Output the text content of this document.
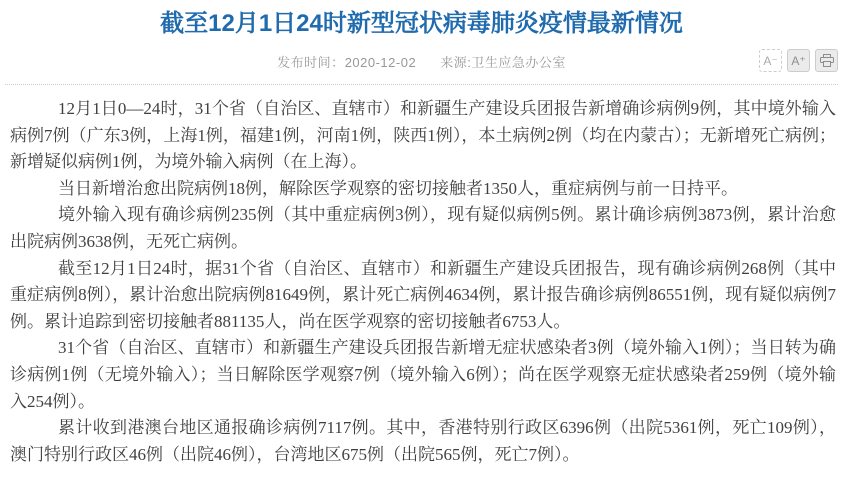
截至12月1日24时新型冠状病毒肺炎疫情最新情况
发布时间：2020-12-02 来源:卫生应急办公室	A⁻	A⁺

12月1日0—24时，31个省（自治区、直辖市）和新疆生产建设兵团报告新增确诊病例9例，其中境外输入病例7例（广东3例，上海1例，福建1例，河南1例，陕西1例），本土病例2例（均在内蒙古）；无新增死亡病例；新增疑似病例1例，为境外输入病例（在上海）。

当日新增治愈出院病例18例，解除医学观察的密切接触者1350人，重症病例与前一日持平。

境外输入现有确诊病例235例（其中重症病例3例），现有疑似病例5例。累计确诊病例3873例，累计治愈出院病例3638例，无死亡病例。

截至12月1日24时，据31个省（自治区、直辖市）和新疆生产建设兵团报告，现有确诊病例268例（其中重症病例8例），累计治愈出院病例81649例，累计死亡病例4634例，累计报告确诊病例86551例，现有疑似病例7例。累计追踪到密切接触者881135人，尚在医学观察的密切接触者6753人。

31个省（自治区、直辖市）和新疆生产建设兵团报告新增无症状感染者3例（境外输入1例）；当日转为确诊病例1例（无境外输入）；当日解除医学观察7例（境外输入6例）；尚在医学观察无症状感染者259例（境外输入254例）。

累计收到港澳台地区通报确诊病例7117例。其中，香港特别行政区6396例（出院5361例，死亡109例），澳门特别行政区46例（出院46例），台湾地区675例（出院565例，死亡7例）。
